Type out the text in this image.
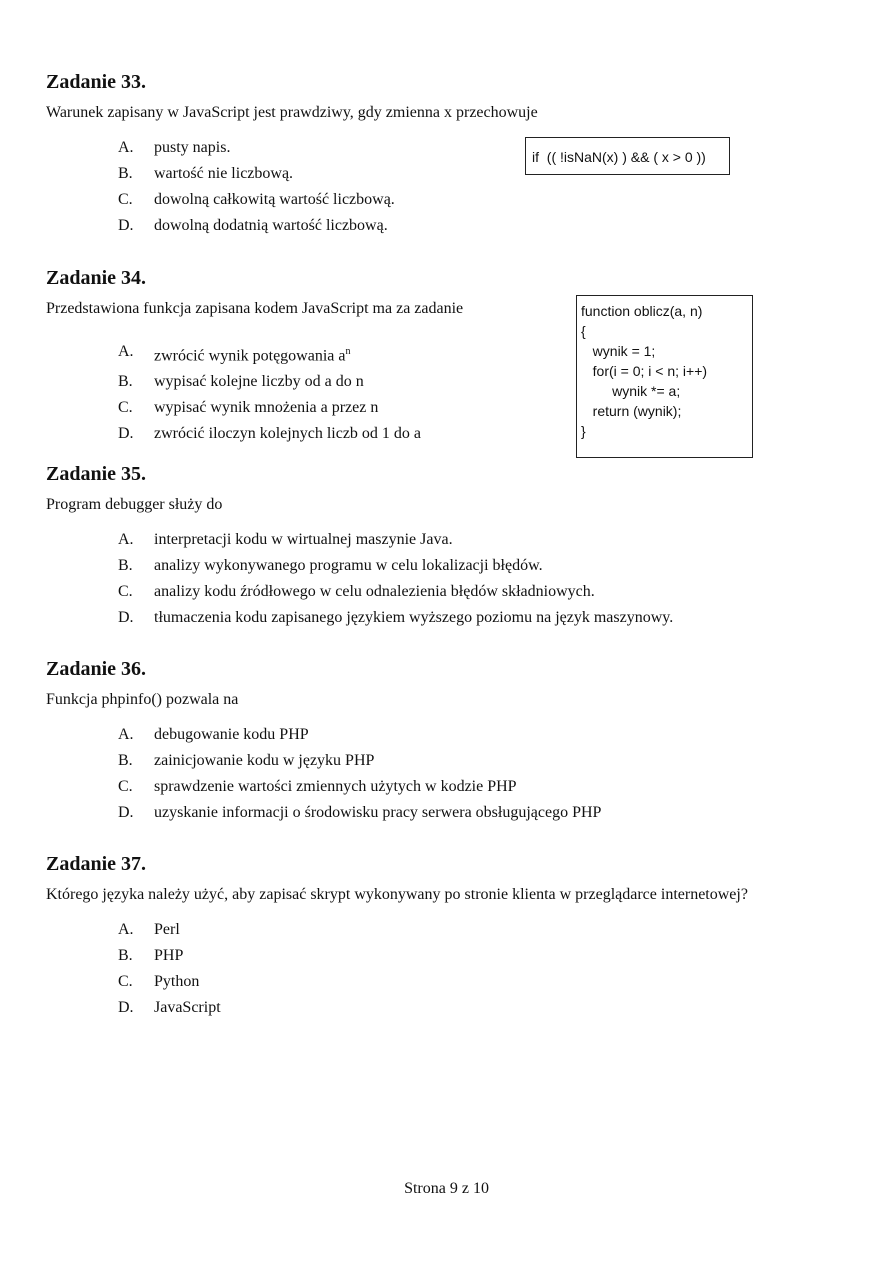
Zadanie 33.

Warunek zapisany w JavaScript jest prawdziwy, gdy zmienna x przechowuje

A. pusty napis.
B. wartość nie liczbową.
C. dowolną całkowitą wartość liczbową.
D. dowolną dodatnią wartość liczbową.
if  (( !isNaN(x) ) && ( x > 0 ))
Zadanie 34.

Przedstawiona funkcja zapisana kodem JavaScript ma za zadanie

A. zwrócić wynik potęgowania $a^n$
B. wypisać kolejne liczby od a do n
C. wypisać wynik mnożenia a przez n
D. zwrócić iloczyn kolejnych liczb od 1 do a
function oblicz(a, n)
{
wynik = 1;
for(i = 0; i < n; i++)
wynik *= a;
return (wynik);
}
Zadanie 35.

Program debugger służy do

A. interpretacji kodu w wirtualnej maszynie Java.
B. analizy wykonywanego programu w celu lokalizacji błędów.
C. analizy kodu źródłowego w celu odnalezienia błędów składniowych.
D. tłumaczenia kodu zapisanego językiem wyższego poziomu na język maszynowy.
Zadanie 36.

Funkcja phpinfo() pozwala na

A. debugowanie kodu PHP
B. zainicjowanie kodu w języku PHP
C. sprawdzenie wartości zmiennych użytych w kodzie PHP
D. uzyskanie informacji o środowisku pracy serwera obsługującego PHP
Zadanie 37.

Którego języka należy użyć, aby zapisać skrypt wykonywany po stronie klienta w przeglądarce internetowej?

A. Perl
B. PHP
C. Python
D. JavaScript
Strona 9 z 10
